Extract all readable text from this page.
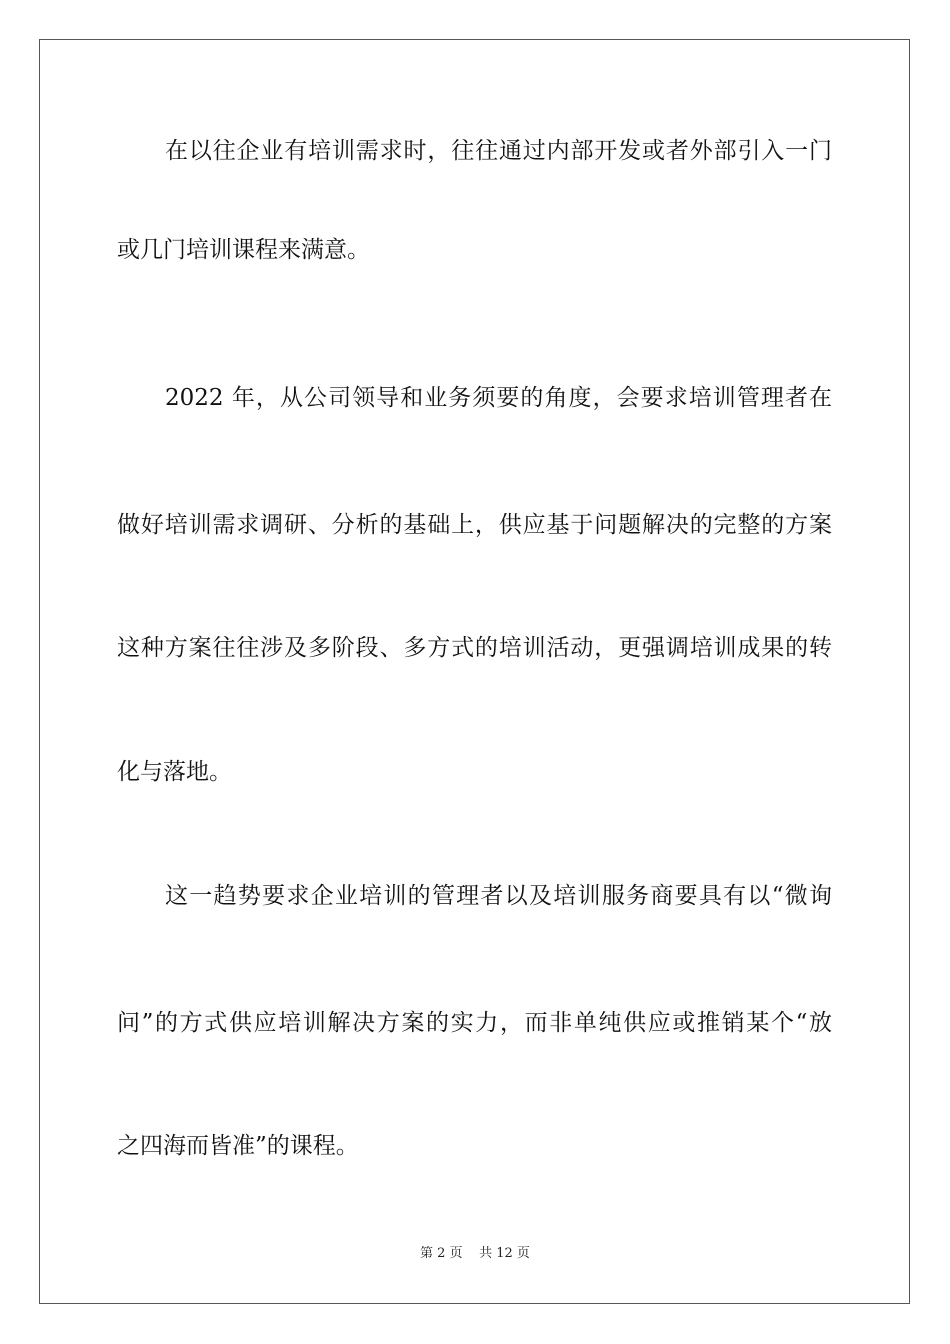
在以往企业有培训需求时，往往通过内部开发或者外部引入一门
或几门培训课程来满意。
2022 年，从公司领导和业务须要的角度，会要求培训管理者在
做好培训需求调研、分析的基础上，供应基于问题解决的完整的方案
这种方案往往涉及多阶段、多方式的培训活动，更强调培训成果的转
化与落地。
这一趋势要求企业培训的管理者以及培训服务商要具有以“微询
问”的方式供应培训解决方案的实力，而非单纯供应或推销某个“放
之四海而皆准”的课程。
第 2 页 共 12 页
